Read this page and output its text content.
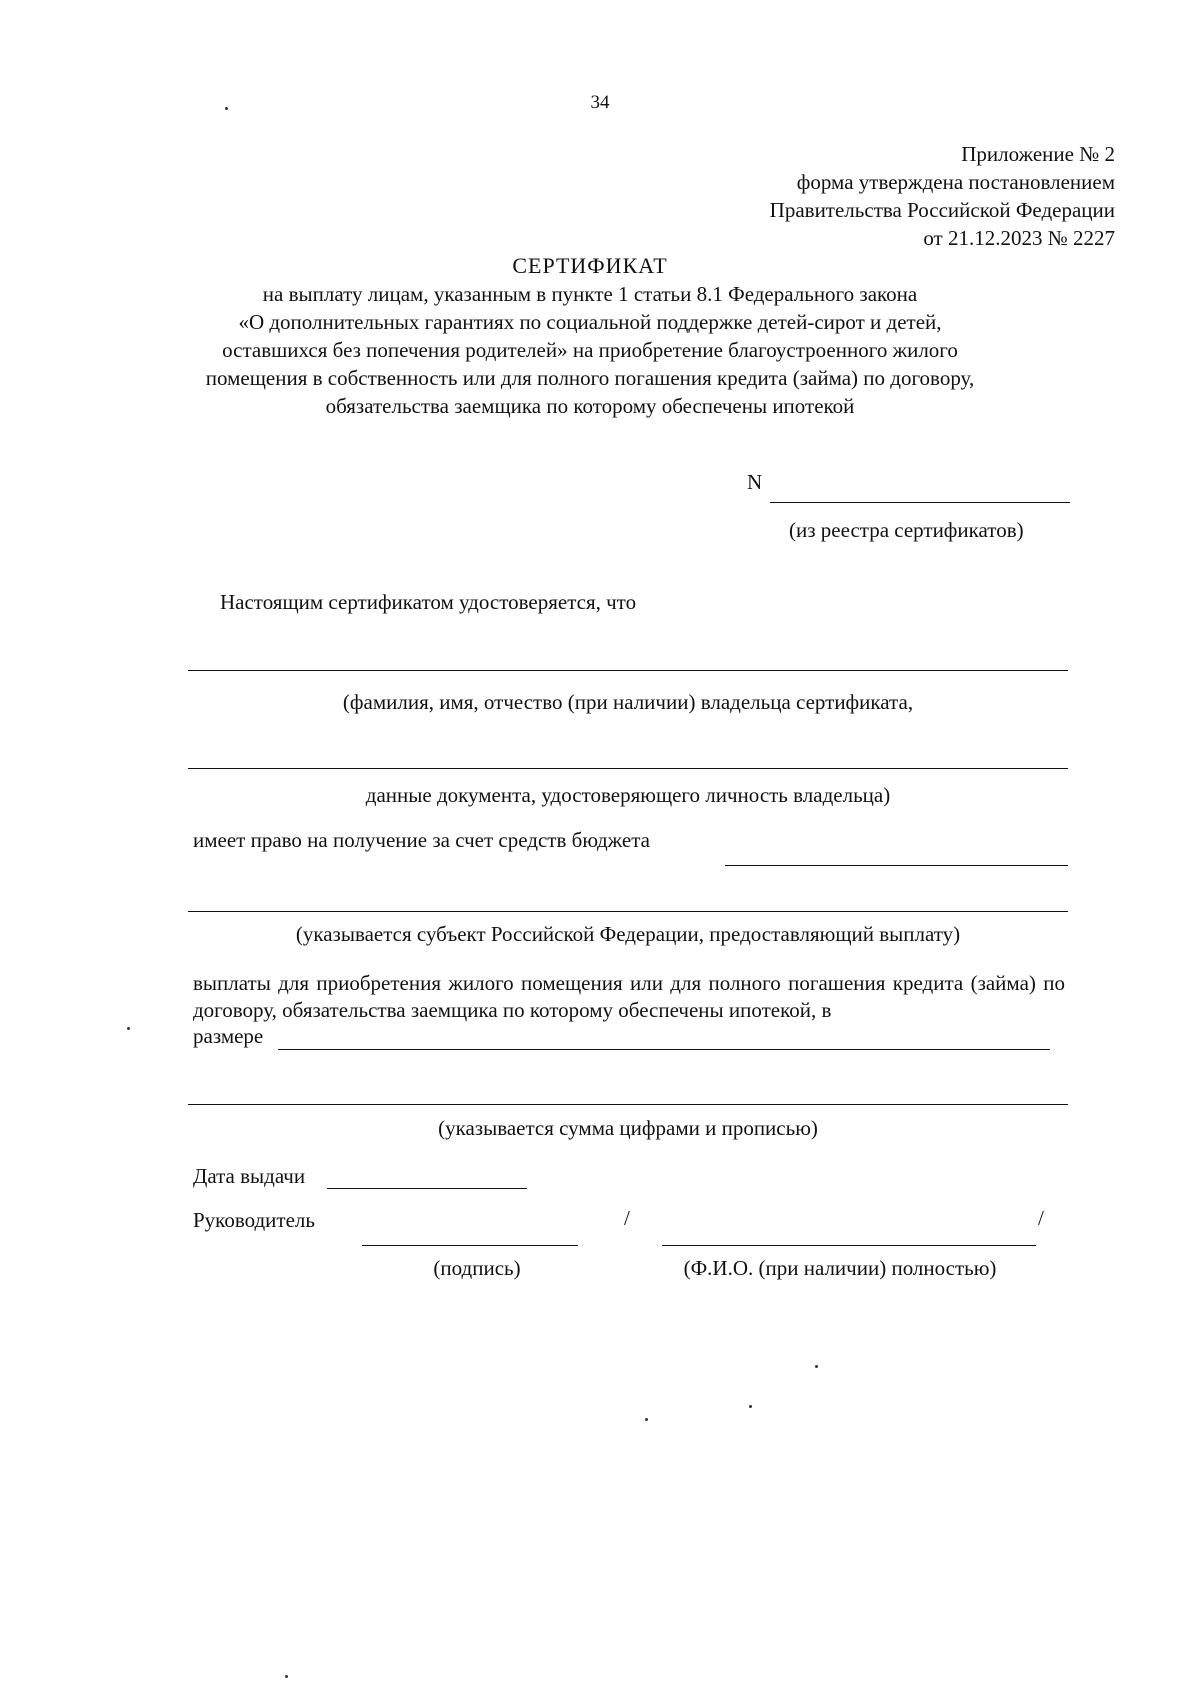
34
Приложение № 2
форма утверждена постановлением
Правительства Российской Федерации
от 21.12.2023 № 2227
СЕРТИФИКАТ
на выплату лицам, указанным в пункте 1 статьи 8.1 Федерального закона
«О дополнительных гарантиях по социальной поддержке детей-сирот и детей,
оставшихся без попечения родителей» на приобретение благоустроенного жилого
помещения в собственность или для полного погашения кредита (займа) по договору,
обязательства заемщика по которому обеспечены ипотекой
N
(из реестра сертификатов)
Настоящим сертификатом удостоверяется, что
(фамилия, имя, отчество (при наличии) владельца сертификата,
данные документа, удостоверяющего личность владельца)
имеет право на получение за счет средств бюджета
(указывается субъект Российской Федерации, предоставляющий выплату)
выплаты для приобретения жилого помещения или для полного погашения кредита (займа) по договору, обязательства заемщика по которому обеспечены ипотекой, в
размере
(указывается сумма цифрами и прописью)
Дата выдачи
Руководитель	/	/
(подпись)	(Ф.И.О. (при наличии) полностью)
